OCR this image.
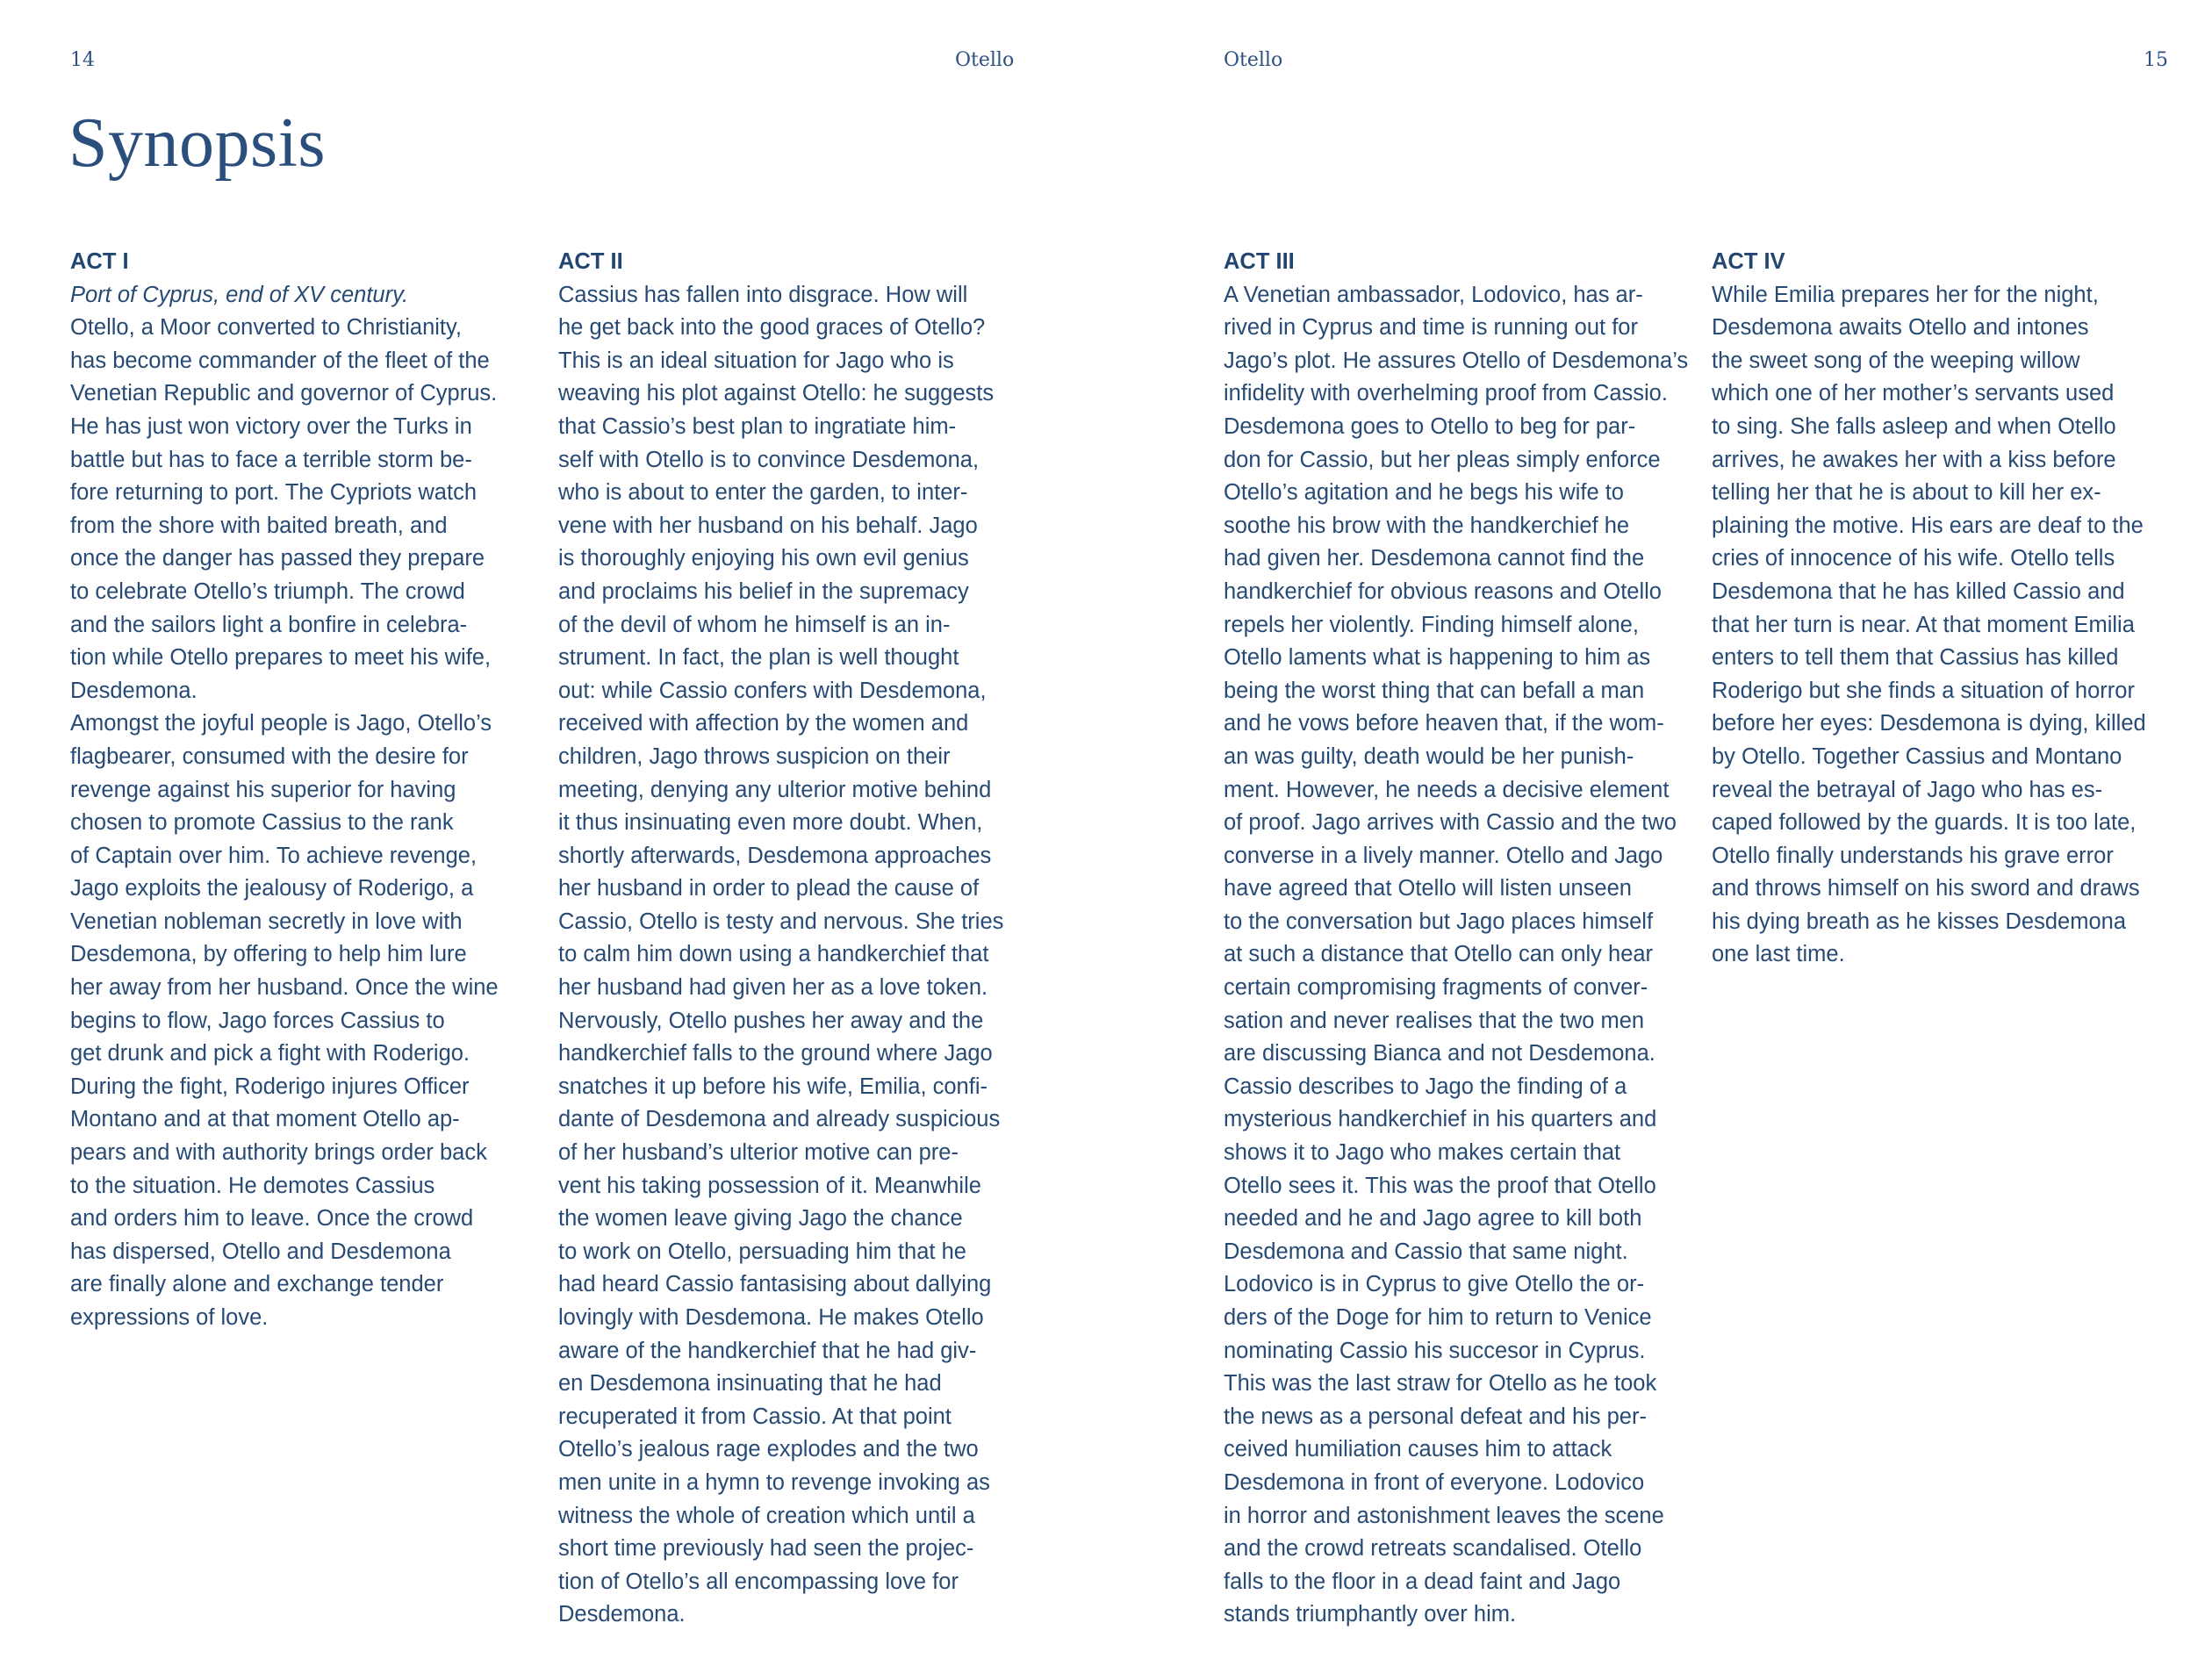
14	Otello	Otello	15
Synopsis
ACT I
Port of Cyprus, end of XV century.
Otello, a Moor converted to Christianity,
has become commander of the fleet of the
Venetian Republic and governor of Cyprus.
He has just won victory over the Turks in
battle but has to face a terrible storm be-
fore returning to port. The Cypriots watch
from the shore with baited breath, and
once the danger has passed they prepare
to celebrate Otello’s triumph. The crowd
and the sailors light a bonfire in celebra-
tion while Otello prepares to meet his wife,
Desdemona.
Amongst the joyful people is Jago, Otello’s
flagbearer, consumed with the desire for
revenge against his superior for having
chosen to promote Cassius to the rank
of Captain over him. To achieve revenge,
Jago exploits the jealousy of Roderigo, a
Venetian nobleman secretly in love with
Desdemona, by offering to help him lure
her away from her husband. Once the wine
begins to flow, Jago forces Cassius to
get drunk and pick a fight with Roderigo.
During the fight, Roderigo injures Officer
Montano and at that moment Otello ap-
pears and with authority brings order back
to the situation. He demotes Cassius
and orders him to leave. Once the crowd
has dispersed, Otello and Desdemona
are finally alone and exchange tender
expressions of love.
ACT II
Cassius has fallen into disgrace. How will
he get back into the good graces of Otello?
This is an ideal situation for Jago who is
weaving his plot against Otello: he suggests
that Cassio’s best plan to ingratiate him-
self with Otello is to convince Desdemona,
who is about to enter the garden, to inter-
vene with her husband on his behalf. Jago
is thoroughly enjoying his own evil genius
and proclaims his belief in the supremacy
of the devil of whom he himself is an in-
strument. In fact, the plan is well thought
out: while Cassio confers with Desdemona,
received with affection by the women and
children, Jago throws suspicion on their
meeting, denying any ulterior motive behind
it thus insinuating even more doubt. When,
shortly afterwards, Desdemona approaches
her husband in order to plead the cause of
Cassio, Otello is testy and nervous. She tries
to calm him down using a handkerchief that
her husband had given her as a love token.
Nervously, Otello pushes her away and the
handkerchief falls to the ground where Jago
snatches it up before his wife, Emilia, confi-
dante of Desdemona and already suspicious
of her husband’s ulterior motive can pre-
vent his taking possession of it. Meanwhile
the women leave giving Jago the chance
to work on Otello, persuading him that he
had heard Cassio fantasising about dallying
lovingly with Desdemona. He makes Otello
aware of the handkerchief that he had giv-
en Desdemona insinuating that he had
recuperated it from Cassio. At that point
Otello’s jealous rage explodes and the two
men unite in a hymn to revenge invoking as
witness the whole of creation which until a
short time previously had seen the projec-
tion of Otello’s all encompassing love for
Desdemona.
ACT III
A Venetian ambassador, Lodovico, has ar-
rived in Cyprus and time is running out for
Jago’s plot. He assures Otello of Desdemona’s
infidelity with overhelming proof from Cassio.
Desdemona goes to Otello to beg for par-
don for Cassio, but her pleas simply enforce
Otello’s agitation and he begs his wife to
soothe his brow with the handkerchief he
had given her. Desdemona cannot find the
handkerchief for obvious reasons and Otello
repels her violently. Finding himself alone,
Otello laments what is happening to him as
being the worst thing that can befall a man
and he vows before heaven that, if the wom-
an was guilty, death would be her punish-
ment. However, he needs a decisive element
of proof. Jago arrives with Cassio and the two
converse in a lively manner. Otello and Jago
have agreed that Otello will listen unseen
to the conversation but Jago places himself
at such a distance that Otello can only hear
certain compromising fragments of conver-
sation and never realises that the two men
are discussing Bianca and not Desdemona.
Cassio describes to Jago the finding of a
mysterious handkerchief in his quarters and
shows it to Jago who makes certain that
Otello sees it. This was the proof that Otello
needed and he and Jago agree to kill both
Desdemona and Cassio that same night.
Lodovico is in Cyprus to give Otello the or-
ders of the Doge for him to return to Venice
nominating Cassio his succesor in Cyprus.
This was the last straw for Otello as he took
the news as a personal defeat and his per-
ceived humiliation causes him to attack
Desdemona in front of everyone. Lodovico
in horror and astonishment leaves the scene
and the crowd retreats scandalised. Otello
falls to the floor in a dead faint and Jago
stands triumphantly over him.
ACT IV
While Emilia prepares her for the night,
Desdemona awaits Otello and intones
the sweet song of the weeping willow
which one of her mother’s servants used
to sing. She falls asleep and when Otello
arrives, he awakes her with a kiss before
telling her that he is about to kill her ex-
plaining the motive. His ears are deaf to the
cries of innocence of his wife. Otello tells
Desdemona that he has killed Cassio and
that her turn is near. At that moment Emilia
enters to tell them that Cassius has killed
Roderigo but she finds a situation of horror
before her eyes: Desdemona is dying, killed
by Otello. Together Cassius and Montano
reveal the betrayal of Jago who has es-
caped followed by the guards. It is too late,
Otello finally understands his grave error
and throws himself on his sword and draws
his dying breath as he kisses Desdemona
one last time.
